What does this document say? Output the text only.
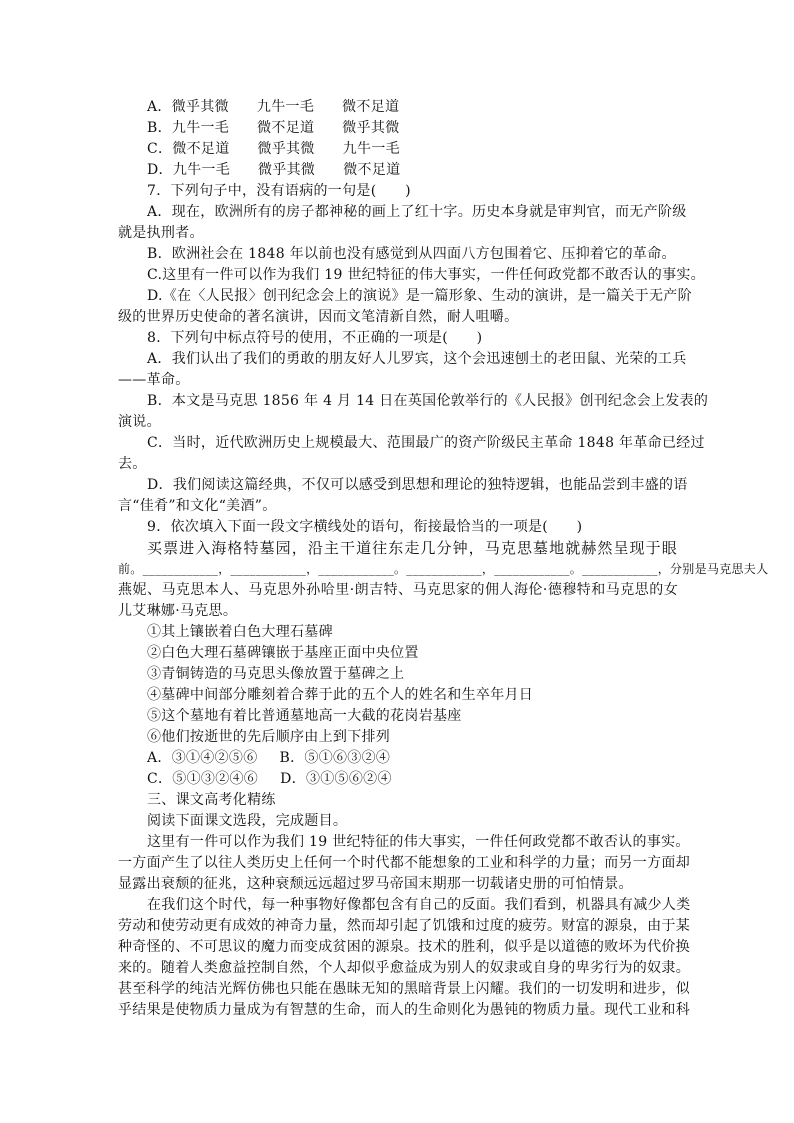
A．微乎其微 九牛一毛 微不足道
B．九牛一毛 微不足道 微乎其微
C．微不足道 微乎其微 九牛一毛
D．九牛一毛 微乎其微 微不足道
7．下列句子中，没有语病的一句是(　　)
A．现在，欧洲所有的房子都神秘的画上了红十字。历史本身就是审判官，而无产阶级
就是执刑者。
B．欧洲社会在 1848 年以前也没有感觉到从四面八方包围着它、压抑着它的革命。
C.这里有一件可以作为我们 19 世纪特征的伟大事实，一件任何政党都不敢否认的事实。
D.《在〈人民报〉创刊纪念会上的演说》是一篇形象、生动的演讲，是一篇关于无产阶
级的世界历史使命的著名演讲，因而文笔清新自然，耐人咀嚼。
8．下列句中标点符号的使用，不正确的一项是(　　)
A．我们认出了我们的勇敢的朋友好人儿罗宾，这个会迅速刨土的老田鼠、光荣的工兵
——革命。
B．本文是马克思 1856 年 4 月 14 日在英国伦敦举行的《人民报》创刊纪念会上发表的
演说。
C．当时，近代欧洲历史上规模最大、范围最广的资产阶级民主革命 1848 年革命已经过
去。
D．我们阅读这篇经典，不仅可以感受到思想和理论的独特逻辑，也能品尝到丰盛的语
言“佳肴”和文化“美酒”。
9．依次填入下面一段文字横线处的语句，衔接最恰当的一项是(　　)
买票进入海格特墓园，沿主干道往东走几分钟，马克思墓地就赫然呈现于眼
前。____________，____________，____________。____________，____________。____________，分别是马克思夫人
燕妮、马克思本人、马克思外孙哈里·朗吉特、马克思家的佣人海伦·德穆特和马克思的女
儿艾琳娜·马克思。
①其上镶嵌着白色大理石墓碑
②白色大理石墓碑镶嵌于基座正面中央位置
③青铜铸造的马克思头像放置于墓碑之上
④墓碑中间部分雕刻着合葬于此的五个人的姓名和生卒年月日
⑤这个墓地有着比普通墓地高一大截的花岗岩基座
⑥他们按逝世的先后顺序由上到下排列
A．③①④②⑤⑥ B．⑤①⑥③②④
C．⑤①③②④⑥ D．③①⑤⑥②④
三、课文高考化精练
阅读下面课文选段，完成题目。
这里有一件可以作为我们 19 世纪特征的伟大事实，一件任何政党都不敢否认的事实。
一方面产生了以往人类历史上任何一个时代都不能想象的工业和科学的力量；而另一方面却
显露出衰颓的征兆，这种衰颓远远超过罗马帝国末期那一切载诸史册的可怕情景。
在我们这个时代，每一种事物好像都包含有自己的反面。我们看到，机器具有减少人类
劳动和使劳动更有成效的神奇力量，然而却引起了饥饿和过度的疲劳。财富的源泉，由于某
种奇怪的、不可思议的魔力而变成贫困的源泉。技术的胜利，似乎是以道德的败坏为代价换
来的。随着人类愈益控制自然，个人却似乎愈益成为别人的奴隶或自身的卑劣行为的奴隶。
甚至科学的纯洁光辉仿佛也只能在愚昧无知的黑暗背景上闪耀。我们的一切发明和进步，似
乎结果是使物质力量成为有智慧的生命，而人的生命则化为愚钝的物质力量。现代工业和科
